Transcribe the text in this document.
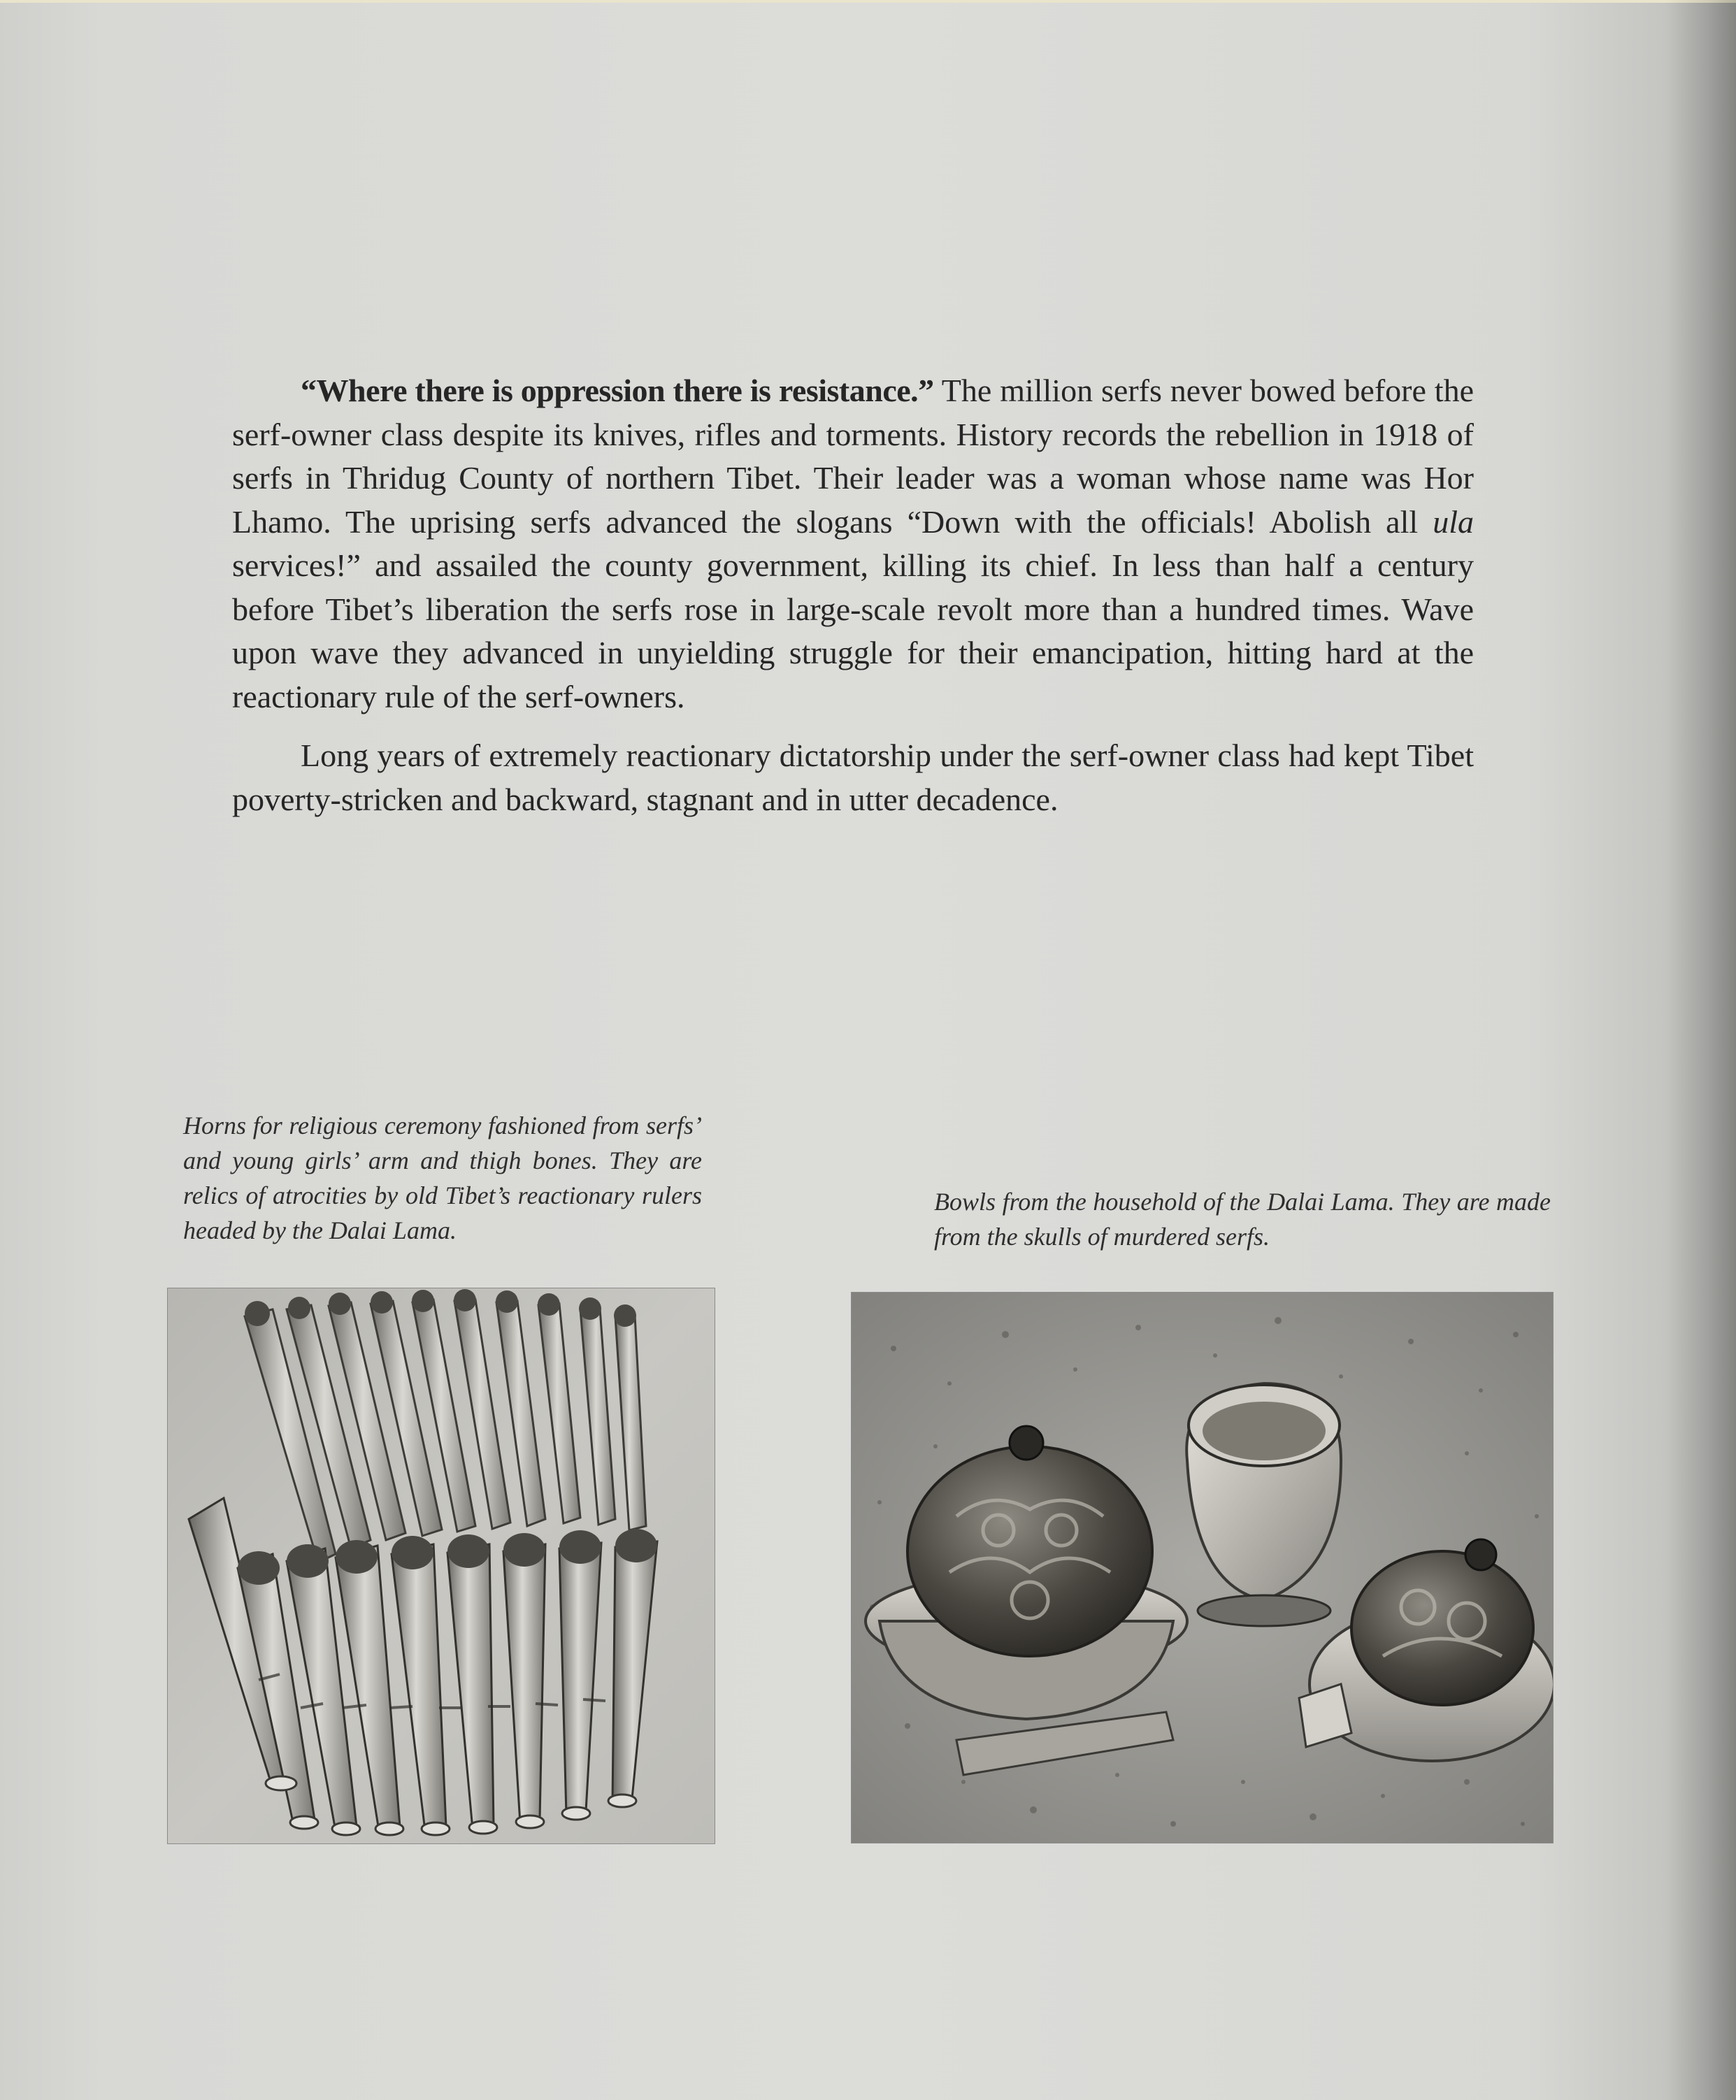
“Where there is oppression there is resistance.” The million serfs never bowed before the serf-owner class despite its knives, rifles and torments. History records the rebellion in 1918 of serfs in Thridug County of northern Tibet. Their leader was a woman whose name was Hor Lhamo. The uprising serfs advanced the slogans “Down with the officials! Abolish all ula services!” and assailed the county government, killing its chief. In less than half a century before Tibet’s liberation the serfs rose in large-scale revolt more than a hundred times. Wave upon wave they advanced in unyielding struggle for their emancipation, hitting hard at the reactionary rule of the serf-owners.

Long years of extremely reactionary dictatorship under the serf-owner class had kept Tibet poverty-stricken and backward, stagnant and in utter decadence.

Horns for religious ceremony fashioned from serfs’ and young girls’ arm and thigh bones. They are relics of atrocities by old Tibet’s reactionary rulers headed by the Dalai Lama.
Bowls from the household of the Dalai Lama. They are made from the skulls of murdered serfs.
